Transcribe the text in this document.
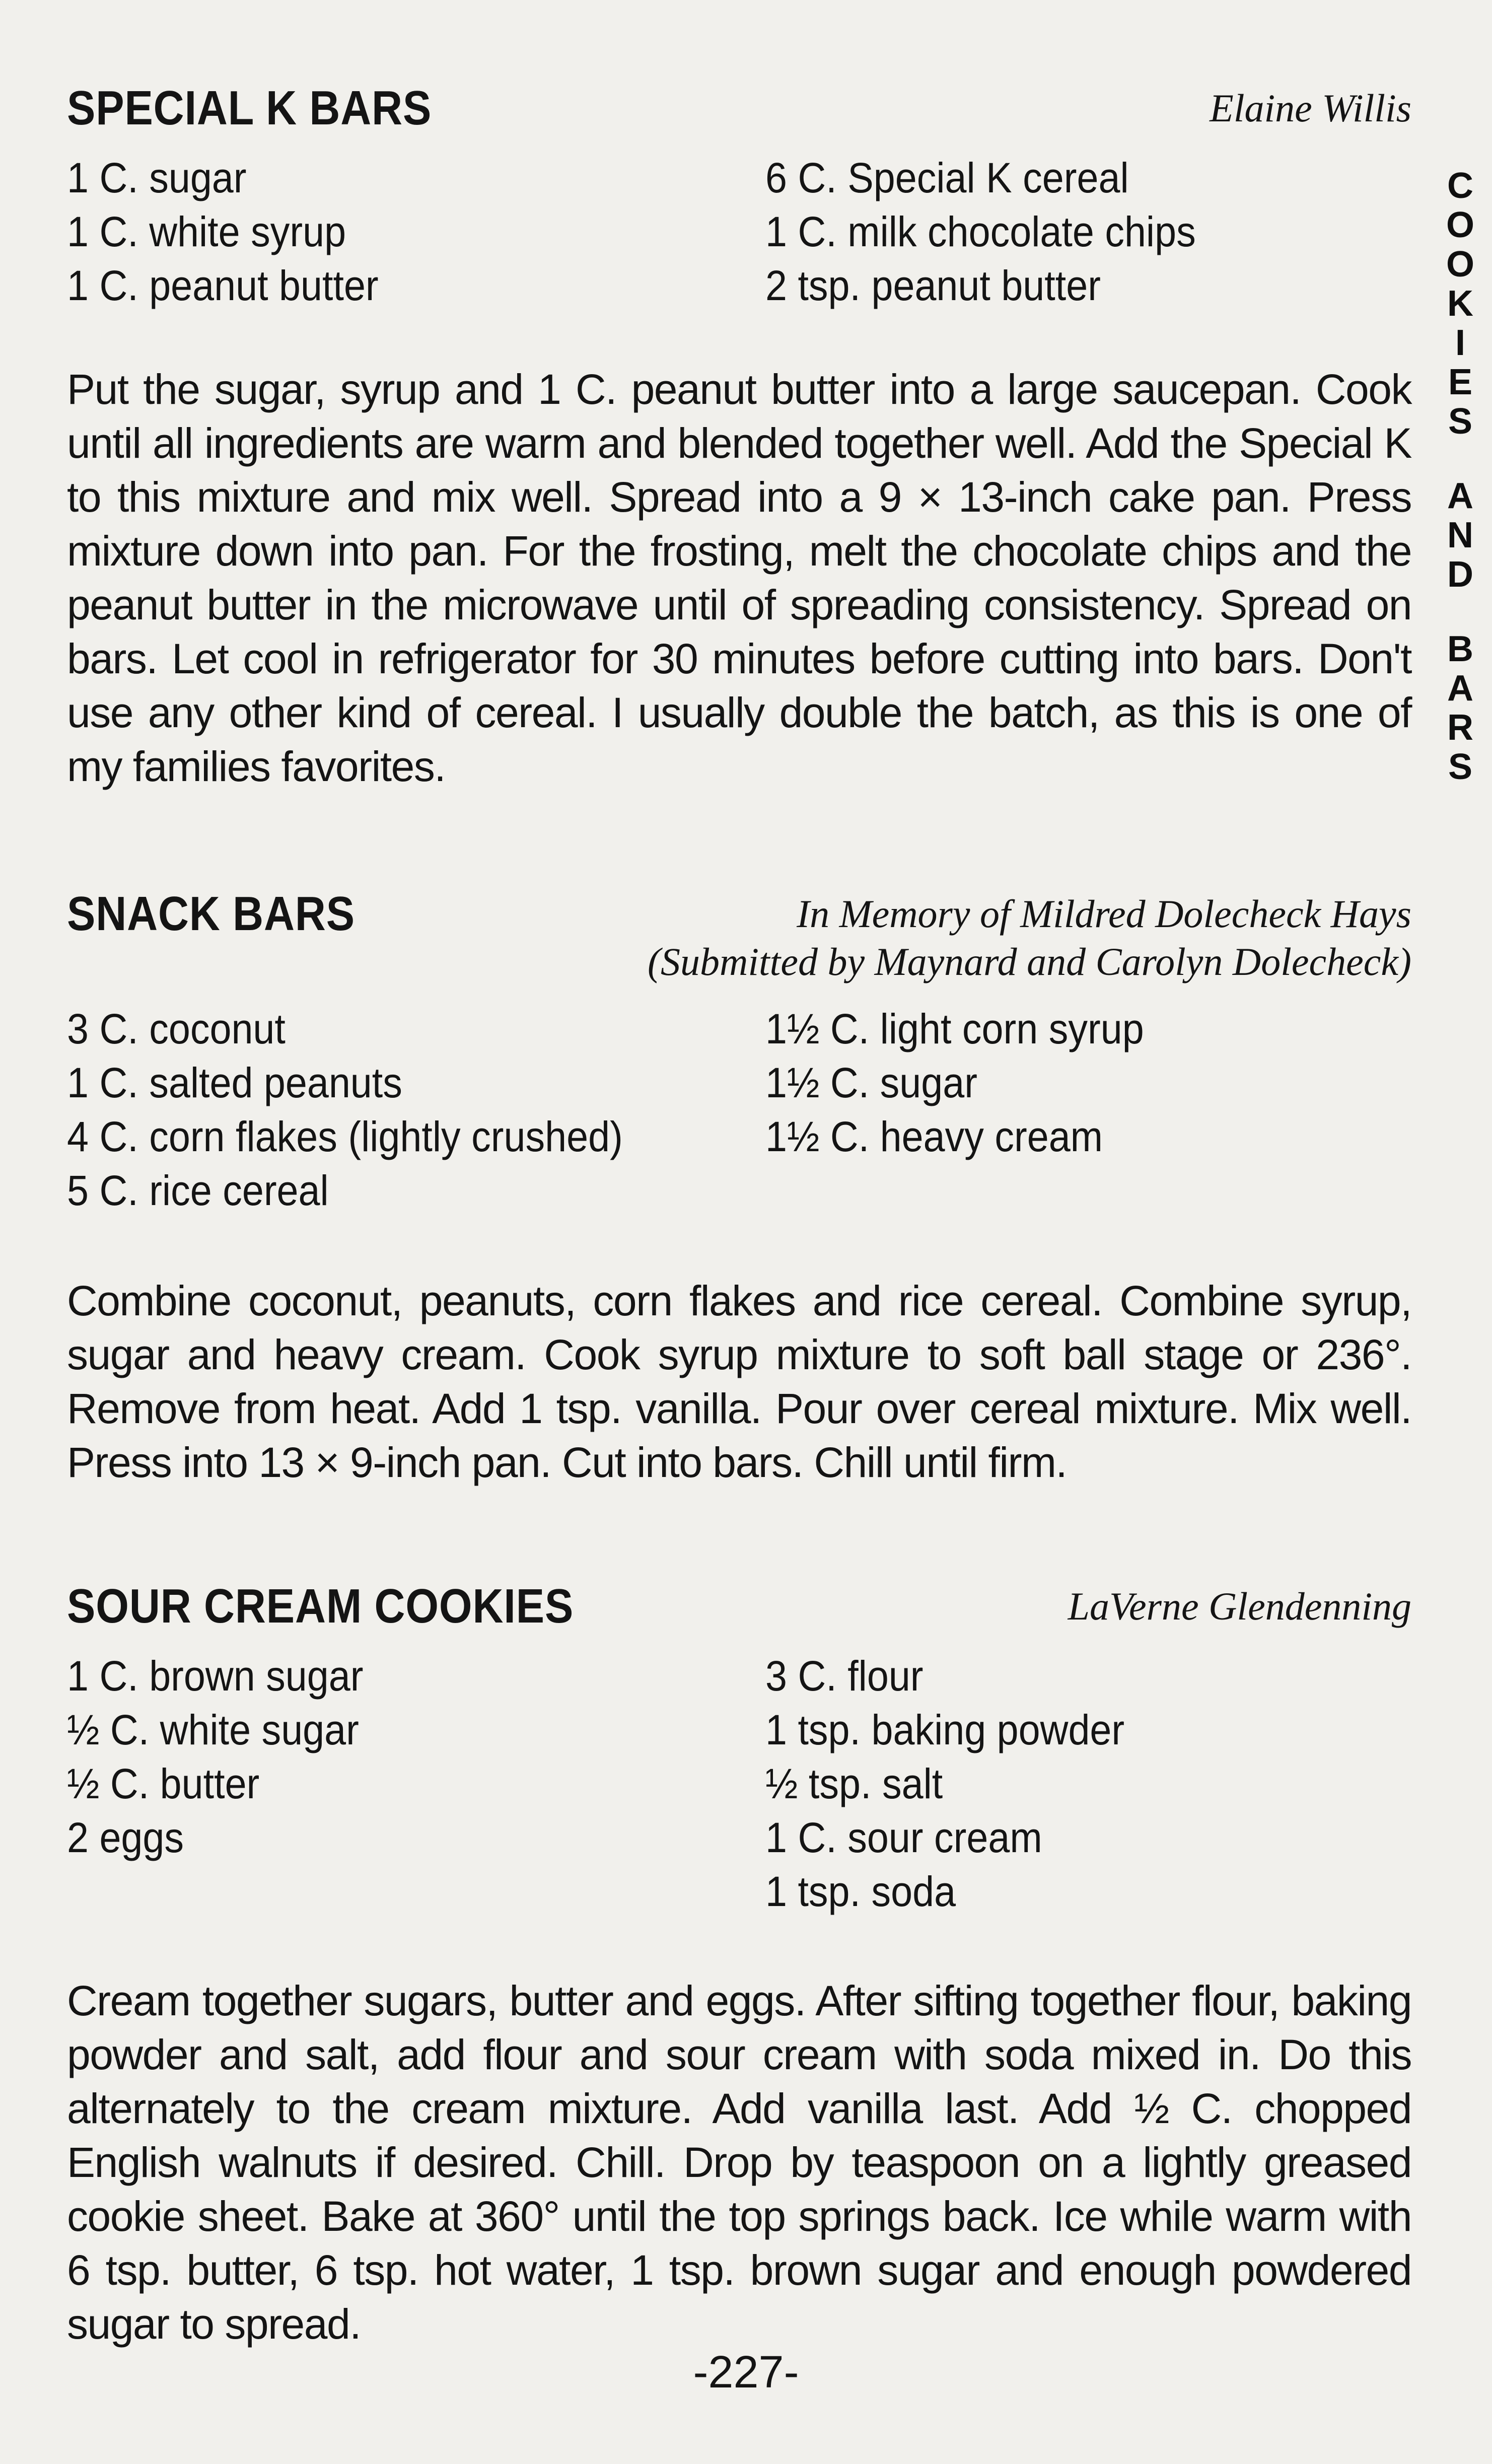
SPECIAL K BARS	Elaine Willis
1 C. sugar
1 C. white syrup
1 C. peanut butter
6 C. Special K cereal
1 C. milk chocolate chips
2 tsp. peanut butter
Put the sugar, syrup and 1 C. peanut butter into a large saucepan. Cook until all ingredients are warm and blended together well. Add the Special K to this mixture and mix well. Spread into a 9 × 13-inch cake pan. Press mixture down into pan. For the frosting, melt the chocolate chips and the peanut butter in the microwave until of spreading consistency. Spread on bars. Let cool in refrigerator for 30 minutes before cutting into bars. Don't use any other kind of cereal. I usually double the batch, as this is one of my families favorites.
SNACK BARS	In Memory of Mildred Dolecheck Hays
(Submitted by Maynard and Carolyn Dolecheck)
3 C. coconut
1 C. salted peanuts
4 C. corn flakes (lightly crushed)
5 C. rice cereal
1½ C. light corn syrup
1½ C. sugar
1½ C. heavy cream
Combine coconut, peanuts, corn flakes and rice cereal. Combine syrup, sugar and heavy cream. Cook syrup mixture to soft ball stage or 236°. Remove from heat. Add 1 tsp. vanilla. Pour over cereal mixture. Mix well. Press into 13 × 9-inch pan. Cut into bars. Chill until firm.
SOUR CREAM COOKIES	LaVerne Glendenning
1 C. brown sugar
½ C. white sugar
½ C. butter
2 eggs
3 C. flour
1 tsp. baking powder
½ tsp. salt
1 C. sour cream
1 tsp. soda
Cream together sugars, butter and eggs. After sifting together flour, baking powder and salt, add flour and sour cream with soda mixed in. Do this alternately to the cream mixture. Add vanilla last. Add ½ C. chopped English walnuts if desired. Chill. Drop by teaspoon on a lightly greased cookie sheet. Bake at 360° until the top springs back. Ice while warm with 6 tsp. butter, 6 tsp. hot water, 1 tsp. brown sugar and enough powdered sugar to spread.
C
O
O
K
I
E
S
A
N
D
B
A
R
S
-227-
